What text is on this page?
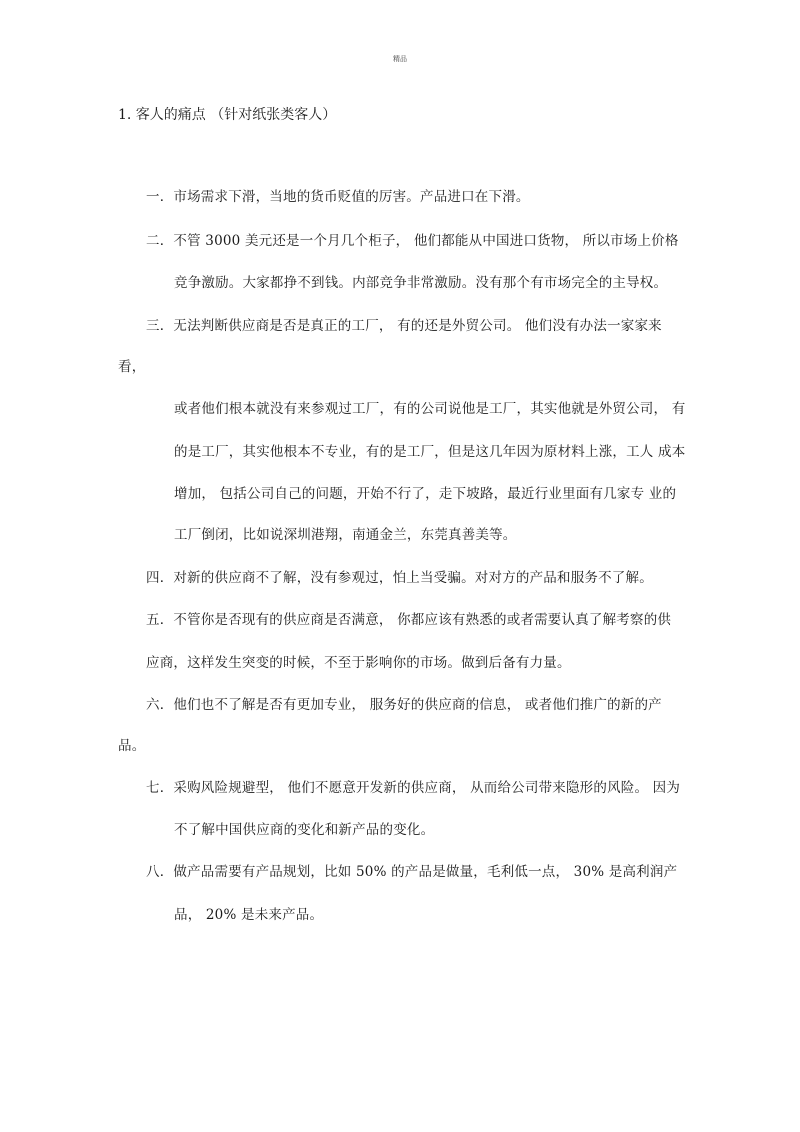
精品
1. 客人的痛点 （针对纸张类客人）
一．市场需求下滑，当地的货币贬值的厉害。产品进口在下滑。
二．不管 3000 美元还是一个月几个柜子， 他们都能从中国进口货物， 所以市场上价格
竞争激励。大家都挣不到钱。内部竞争非常激励。没有那个有市场完全的主导权。
三．无法判断供应商是否是真正的工厂， 有的还是外贸公司。 他们没有办法一家家来
看，
或者他们根本就没有来参观过工厂，有的公司说他是工厂，其实他就是外贸公司， 有
的是工厂，其实他根本不专业，有的是工厂，但是这几年因为原材料上涨，工人 成本
增加， 包括公司自己的问题，开始不行了，走下坡路，最近行业里面有几家专 业的
工厂倒闭，比如说深圳港翔，南通金兰，东莞真善美等。
四．对新的供应商不了解，没有参观过，怕上当受骗。对对方的产品和服务不了解。
五．不管你是否现有的供应商是否满意， 你都应该有熟悉的或者需要认真了解考察的供
应商，这样发生突变的时候，不至于影响你的市场。做到后备有力量。
六．他们也不了解是否有更加专业， 服务好的供应商的信息， 或者他们推广的新的产
品。
七．采购风险规避型， 他们不愿意开发新的供应商， 从而给公司带来隐形的风险。 因为
不了解中国供应商的变化和新产品的变化。
八．做产品需要有产品规划，比如 50% 的产品是做量，毛利低一点， 30% 是高利润产
品， 20% 是未来产品。
